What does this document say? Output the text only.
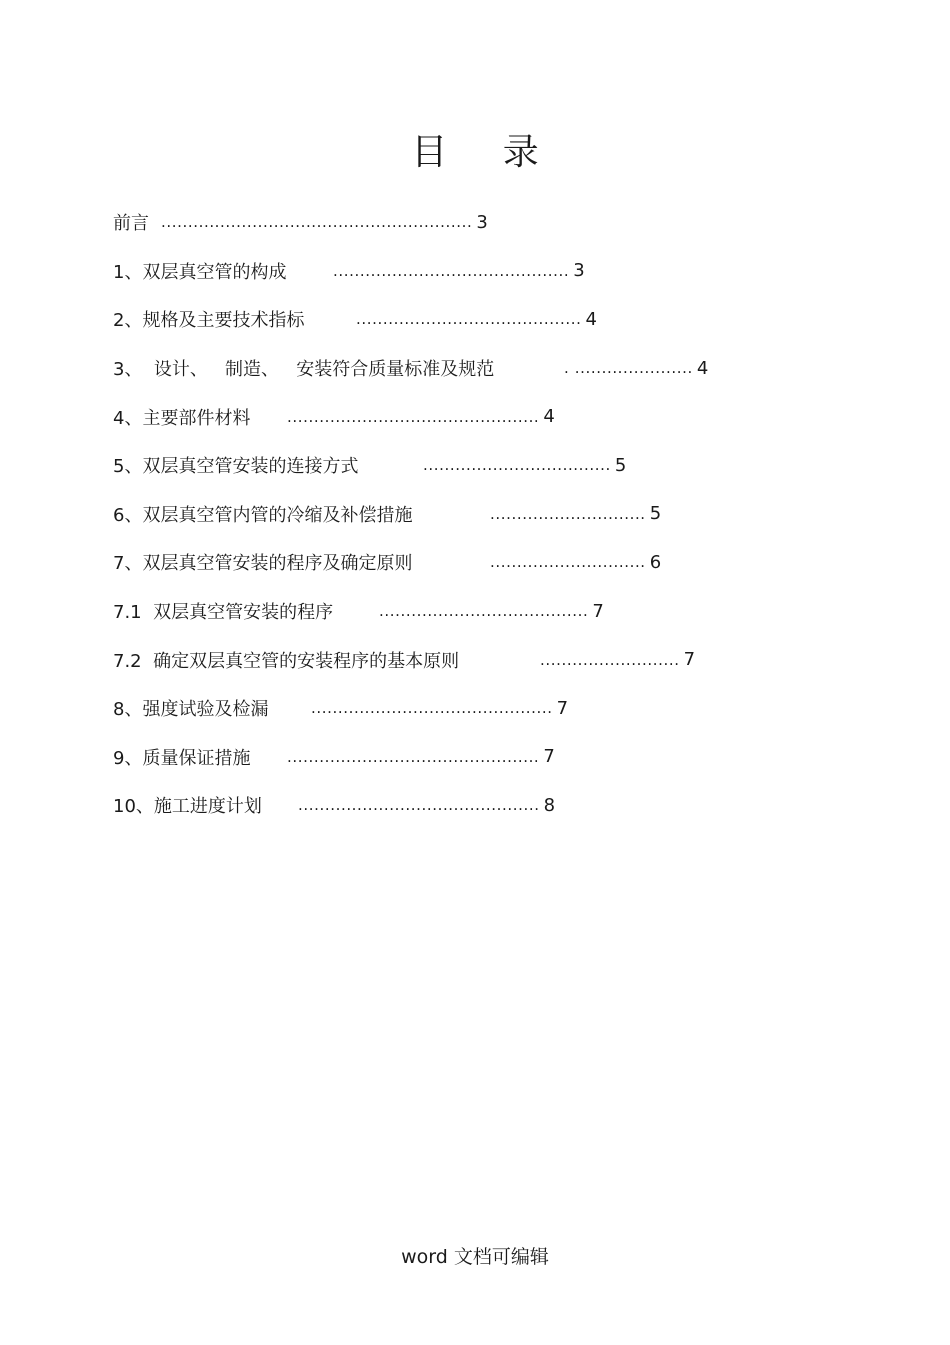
目 录
前言 .......................................................... 3
1、双层真空管的构成	............................................ 3
2、规格及主要技术指标	.......................................... 4
3、  设计、   制造、   安装符合质量标准及规范	. ...................... 4
4、主要部件材料	............................................... 4
5、双层真空管安装的连接方式	................................... 5
6、双层真空管内管的冷缩及补偿措施	............................. 5
7、双层真空管安装的程序及确定原则	............................. 6
7.1  双层真空管安装的程序	....................................... 7
7.2  确定双层真空管的安装程序的基本原则	.......................... 7
8、强度试验及检漏	............................................. 7
9、质量保证措施	............................................... 7
10、施工进度计划	............................................. 8
word 文档可编辑
